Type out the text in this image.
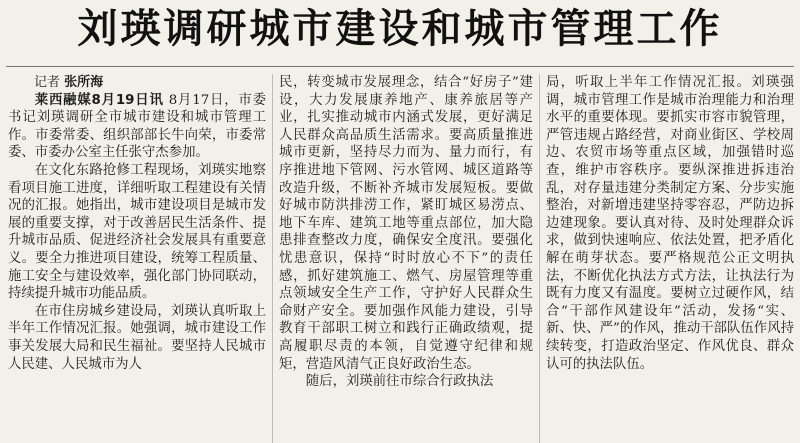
刘瑛调研城市建设和城市管理工作
记者 张所海

莱西融媒8月19日讯 8月17日，市委书记刘瑛调研全市城市建设和城市管理工作。市委常委、组织部部长牛向荣，市委常委、市委办公室主任张守杰参加。

在文化东路抢修工程现场，刘瑛实地察看项目施工进度，详细听取工程建设有关情况的汇报。她指出，城市建设项目是城市发展的重要支撑，对于改善居民生活条件、提升城市品质、促进经济社会发展具有重要意义。要全力推进项目建设，统筹工程质量、施工安全与建设效率，强化部门协同联动，持续提升城市功能品质。

在市住房城乡建设局，刘瑛认真听取上半年工作情况汇报。她强调，城市建设工作事关发展大局和民生福祉。要坚持人民城市人民建、人民城市为人

民，转变城市发展理念，结合“好房子”建设，大力发展康养地产、康养旅居等产业，扎实推动城市内涵式发展，更好满足人民群众高品质生活需求。要高质量推进城市更新，坚持尽力而为、量力而行，有序推进地下管网、污水管网、城区道路等改造升级，不断补齐城市发展短板。要做好城市防洪排涝工作，紧盯城区易涝点、地下车库、建筑工地等重点部位，加大隐患排查整改力度，确保安全度汛。要强化忧患意识，保持“时时放心不下”的责任感，抓好建筑施工、燃气、房屋管理等重点领域安全生产工作，守护好人民群众生命财产安全。要加强作风能力建设，引导教育干部职工树立和践行正确政绩观，提高履职尽责的本领，自觉遵守纪律和规矩，营造风清气正良好政治生态。

随后，刘瑛前往市综合行政执法

局，听取上半年工作情况汇报。刘瑛强调，城市管理工作是城市治理能力和治理水平的重要体现。要抓实市容市貌管理，严管违规占路经营，对商业街区、学校周边、农贸市场等重点区域，加强错时巡查，维护市容秩序。要纵深推进拆违治乱，对存量违建分类制定方案、分步实施整治，对新增违建坚持零容忍，严防边拆边建现象。要认真对待、及时处理群众诉求，做到快速响应、依法处置，把矛盾化解在萌芽状态。要严格规范公正文明执法，不断优化执法方式方法，让执法行为既有力度又有温度。要树立过硬作风，结合“干部作风建设年”活动，发扬“实、新、快、严”的作风，推动干部队伍作风持续转变，打造政治坚定、作风优良、群众认可的执法队伍。
